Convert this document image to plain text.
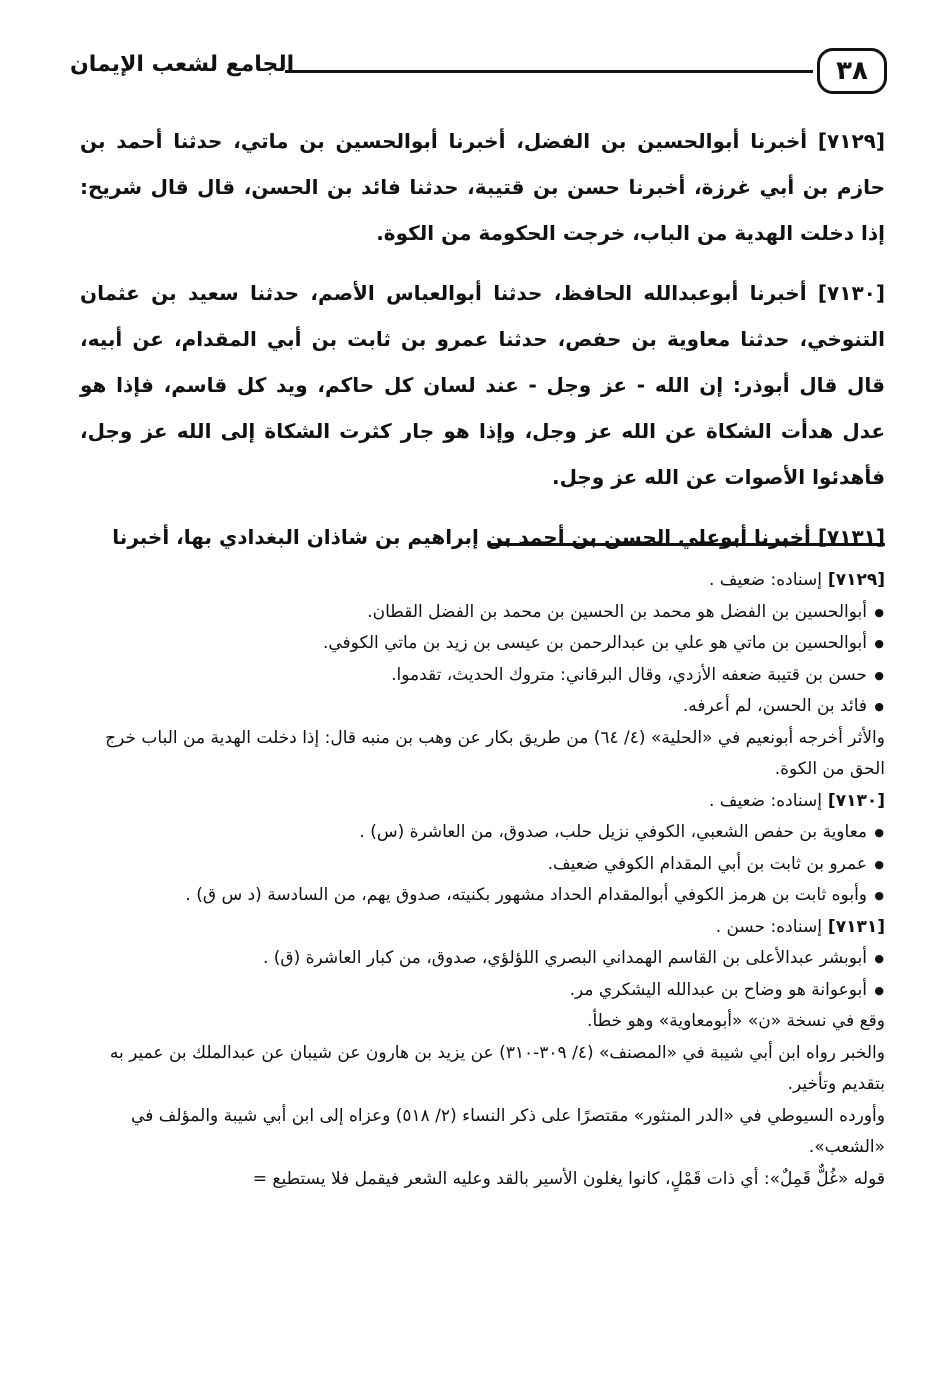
٣٨
الجامع لشعب الإيمان

[٧١٢٩] أخبرنا أبوالحسين بن الفضل، أخبرنا أبوالحسين بن ماتي، حدثنا أحمد بن حازم بن أبي غرزة، أخبرنا حسن بن قتيبة، حدثنا فائد بن الحسن، قال قال شريح: إذا دخلت الهدية من الباب، خرجت الحكومة من الكوة.

[٧١٣٠] أخبرنا أبوعبدالله الحافظ، حدثنا أبوالعباس الأصم، حدثنا سعيد بن عثمان التنوخي، حدثنا معاوية بن حفص، حدثنا عمرو بن ثابت بن أبي المقدام، عن أبيه، قال قال أبوذر: إن الله - عز وجل - عند لسان كل حاكم، ويد كل قاسم، فإذا هو عدل هدأت الشكاة عن الله عز وجل، وإذا هو جار كثرت الشكاة إلى الله عز وجل، فأهدئوا الأصوات عن الله عز وجل.

[٧١٣١] أخبرنا أبوعلي الحسن بن أحمد بن إبراهيم بن شاذان البغدادي بها، أخبرنا

[٧١٢٩] إسناده: ضعيف .

● أبوالحسين بن الفضل هو محمد بن الحسين بن محمد بن الفضل القطان.
● أبوالحسين بن ماتي هو علي بن عبدالرحمن بن عيسى بن زيد بن ماتي الكوفي.
● حسن بن قتيبة ضعفه الأزدي، وقال البرقاني: متروك الحديث، تقدموا.
● فائد بن الحسن، لم أعرفه.

والأثر أخرجه أبونعيم في «الحلية» (٤/ ٦٤) من طريق بكار عن وهب بن منبه قال: إذا دخلت الهدية من الباب خرج الحق من الكوة.

[٧١٣٠] إسناده: ضعيف .

● معاوية بن حفص الشعبي، الكوفي نزيل حلب، صدوق، من العاشرة (س) .
● عمرو بن ثابت بن أبي المقدام الكوفي ضعيف.
● وأبوه ثابت بن هرمز الكوفي أبوالمقدام الحداد مشهور بكنيته، صدوق يهم، من السادسة (د س ق) .

[٧١٣١] إسناده: حسن .

● أبوبشر عبدالأعلى بن القاسم الهمداني البصري اللؤلؤي، صدوق، من كبار العاشرة (ق) .
● أبوعوانة هو وضاح بن عبدالله اليشكري مر.

وقع في نسخة «ن» «أبومعاوية» وهو خطأ.

والخبر رواه ابن أبي شيبة في «المصنف» (٤/ ٣٠٩-٣١٠) عن يزيد بن هارون عن شيبان عن عبدالملك بن عمير به بتقديم وتأخير.

وأورده السيوطي في «الدر المنثور» مقتصرًا على ذكر النساء (٢/ ٥١٨) وعزاه إلى ابن أبي شيبة والمؤلف في «الشعب».

قوله «غُلٌّ قَمِلٌ»: أي ذات قَمْلٍ، كانوا يغلون الأسير بالقد وعليه الشعر فيقمل فلا يستطيع =
